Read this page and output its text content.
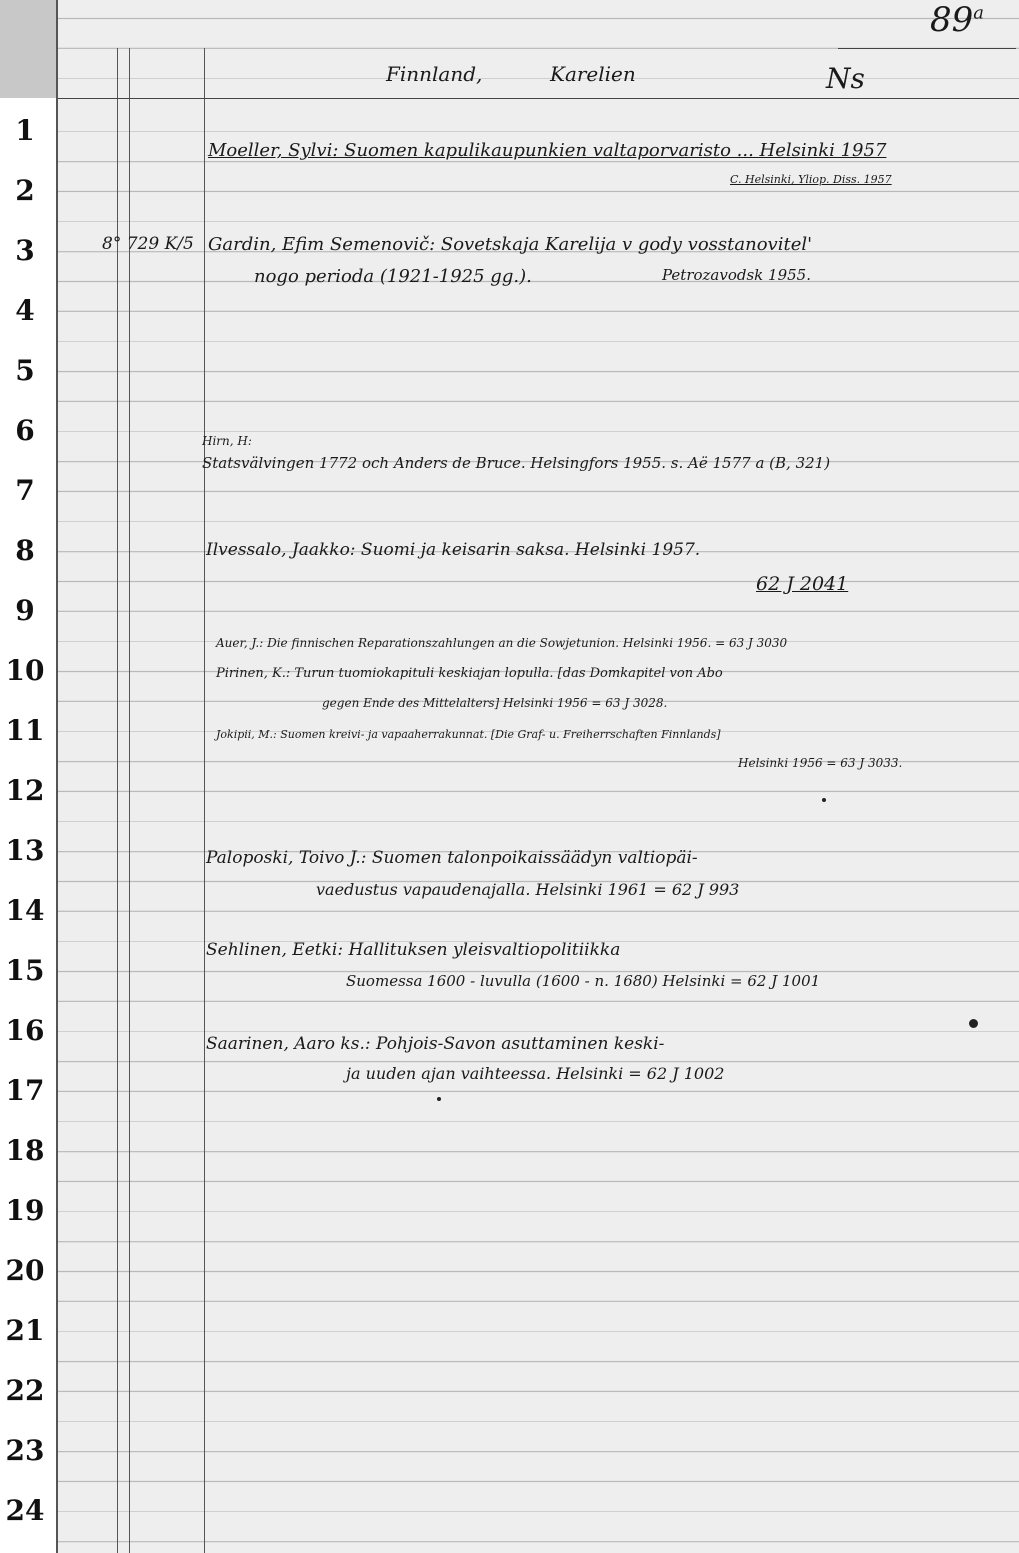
1
2
3
4
5
6
7
8
9
10
11
12
13
14
15
16
17
18
19
20
21
22
23
24
89$^a$
Finnland,	Karelien	Ns
Moeller, Sylvi: Suomen kapulikaupunkien valtaporvaristo ... Helsinki 1957
C. Helsinki, Yliop. Diss. 1957
8° 729 K/5 Gardin, Efim Semenovič: Sovetskaja Karelija v gody vosstanovitel'
nogo perioda (1921-1925 gg.).	Petrozavodsk 1955.
Hirn, H:
Statsvälvingen 1772 och Anders de Bruce. Helsingfors 1955. s. Aë 1577 a (B, 321)
Ilvessalo, Jaakko: Suomi ja keisarin saksa. Helsinki 1957.
62 J 2041
Auer, J.: Die finnischen Reparationszahlungen an die Sowjetunion. Helsinki 1956. = 63 J 3030
Pirinen, K.: Turun tuomiokapituli keskiajan lopulla. [das Domkapitel von Abo
gegen Ende des Mittelalters] Helsinki 1956 = 63 J 3028.
Jokipii, M.: Suomen kreivi- ja vapaaherrakunnat. [Die Graf- u. Freiherrschaften Finnlands]
Helsinki 1956 = 63 J 3033.
Paloposki, Toivo J.: Suomen talonpoikaissäädyn valtiopäi-
vaedustus vapaudenajalla. Helsinki 1961 = 62 J 993
Sehlinen, Eetki: Hallituksen yleisvaltiopolitiikka
Suomessa 1600 - luvulla (1600 - n. 1680) Helsinki = 62 J 1001
Saarinen, Aaro ks.: Pohjois-Savon asuttaminen keski-
ja uuden ajan vaihteessa. Helsinki = 62 J 1002
